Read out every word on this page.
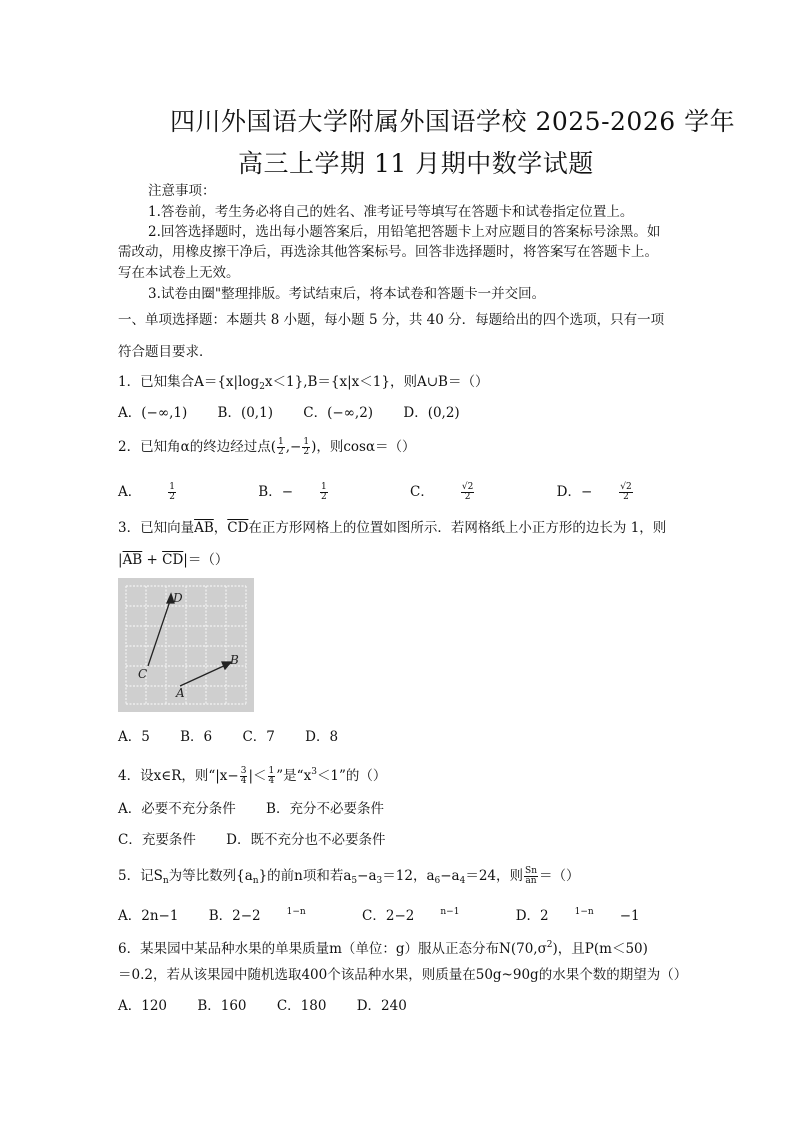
四川外国语大学附属外国语学校 2025-2026 学年
高三上学期 11 月期中数学试题
注意事项：
1.答卷前，考生务必将自己的姓名、准考证号等填写在答题卡和试卷指定位置上。
2.回答选择题时，选出每小题答案后，用铅笔把答题卡上对应题目的答案标号涂黑。如
需改动，用橡皮擦干净后，再选涂其他答案标号。回答非选择题时，将答案写在答题卡上。
写在本试卷上无效。
3.试卷由圈"整理排版。考试结束后，将本试卷和答题卡一并交回。
一、单项选择题：本题共 8 小题，每小题 5 分，共 40 分．每题给出的四个选项，只有一项
符合题目要求．
1．已知集合$A=\{x|\log_2x<1\},B=\{x|x<1\}$，则A∪B＝（）
A．(−∞,1) B．(0,1) C．(−∞,2) D．(0,2)
2．已知角α的终边经过点( $\frac{1}{2}$ ,− $\frac{1}{2}$ )，则cosα＝（）
A．	$\frac{1}{2}$	B．−	$\frac{1}{2}$	C．	$\frac{√2}{2}$	D．−	$\frac{√2}{2}$
3．已知向量$\overline{AB}$，$\overline{CD}$在正方形网格上的位置如图所示．若网格纸上小正方形的边长为 1，则
$|\overline{AB} + \overline{CD}|=()$
D
B
C
A
A．5 B．6 C．7 D．8
4．设x∈R，则“$|x- \frac{3}{4}$ |＜ $\frac{1}{4}$ ”是“$x^3<1$”的（）
A．必要不充分条件 B．充分不必要条件
C．充要条件 D．既不充分也不必要条件
5．记$S_n$为等比数列$\{a_n\}$的前n项和若$a_5-a_3=12$，$a_6-a_4=24$，则 $\frac{Sn}{an}$ ＝（）
A．2n−1 B．2−2	$^{1-n}$	C．2−2	$^{n-1}$	D．2	$^{1-n}$ −1
6．某果园中某品种水果的单果质量m（单位：g）服从正态分布$N(70,\sigma^2)$，且P(m＜50)
＝0.2，若从该果园中随机选取400个该品种水果，则质量在50g~90g的水果个数的期望为（）
A．120 B．160 C．180 D．240
